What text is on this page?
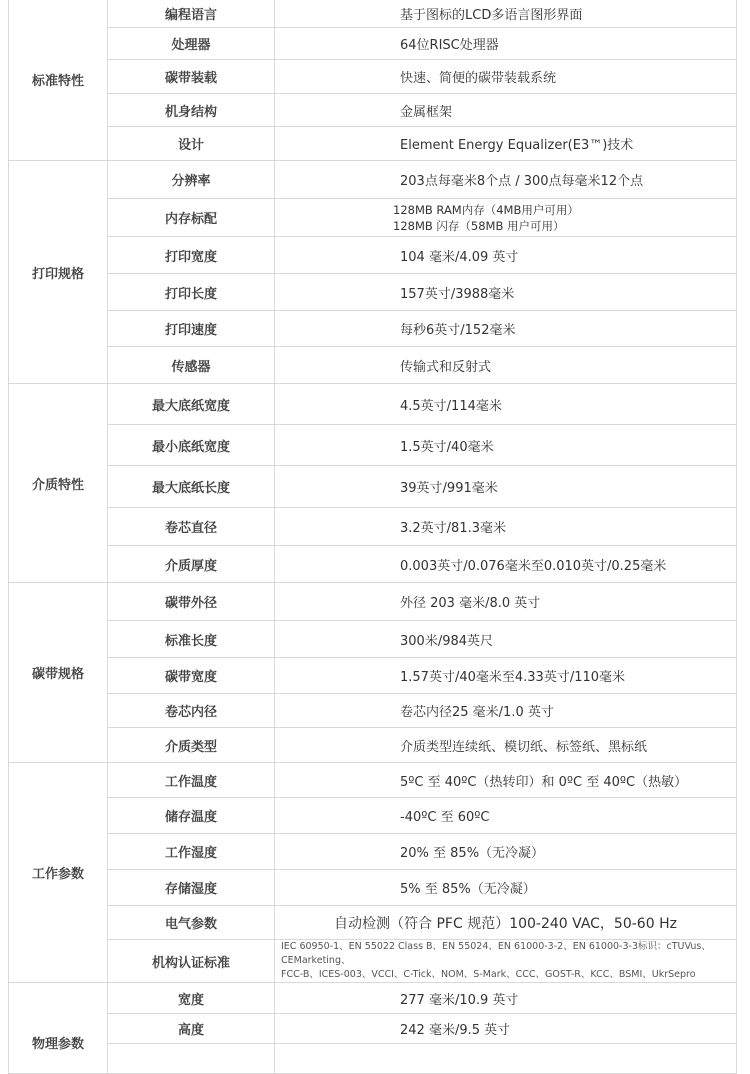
标准特性	编程语言	基于图标的LCD多语言图形界面
	处理器	64位RISC处理器
	碳带装载	快速、简便的碳带装载系统
	机身结构	金属框架
	设计	Element Energy Equalizer(E3™)技术
打印规格	分辨率	203点每毫米8个点 / 300点每毫米12个点
	内存标配	128MB RAM内存（4MB用户可用）
128MB 闪存（58MB 用户可用）

	打印宽度	104 毫米/4.09 英寸
	打印长度	157英寸/3988毫米
	打印速度	每秒6英寸/152毫米
	传感器	传输式和反射式
介质特性	最大底纸宽度	4.5英寸/114毫米
	最小底纸宽度	1.5英寸/40毫米
	最大底纸长度	39英寸/991毫米
	卷芯直径	3.2英寸/81.3毫米
	介质厚度	0.003英寸/0.076毫米至0.010英寸/0.25毫米
碳带规格	碳带外径	外径 203 毫米/8.0 英寸
	标准长度	300米/984英尺
	碳带宽度	1.57英寸/40毫米至4.33英寸/110毫米
	卷芯内径	卷芯内径25 毫米/1.0 英寸
	介质类型	介质类型连续纸、模切纸、标签纸、黑标纸
工作参数	工作温度	5ºC 至 40ºC（热转印）和 0ºC 至 40ºC（热敏）
	储存温度	-40ºC 至 60ºC
	工作湿度	20% 至 85%（无冷凝）
	存储湿度	5% 至 85%（无冷凝）
	电气参数	自动检测（符合 PFC 规范）100-240 VAC，50-60 Hz
	机构认证标准	IEC 60950-1、EN 55022 Class B、EN 55024、EN 61000-3-2、EN 61000-3-3标识：cTUVus、CEMarketing、
FCC-B、ICES-003、VCCI、C-Tick、NOM、S-Mark、CCC、GOST-R、KCC、BSMI、UkrSepro

物理参数	宽度	277 毫米/10.9 英寸
	高度	242 毫米/9.5 英寸
